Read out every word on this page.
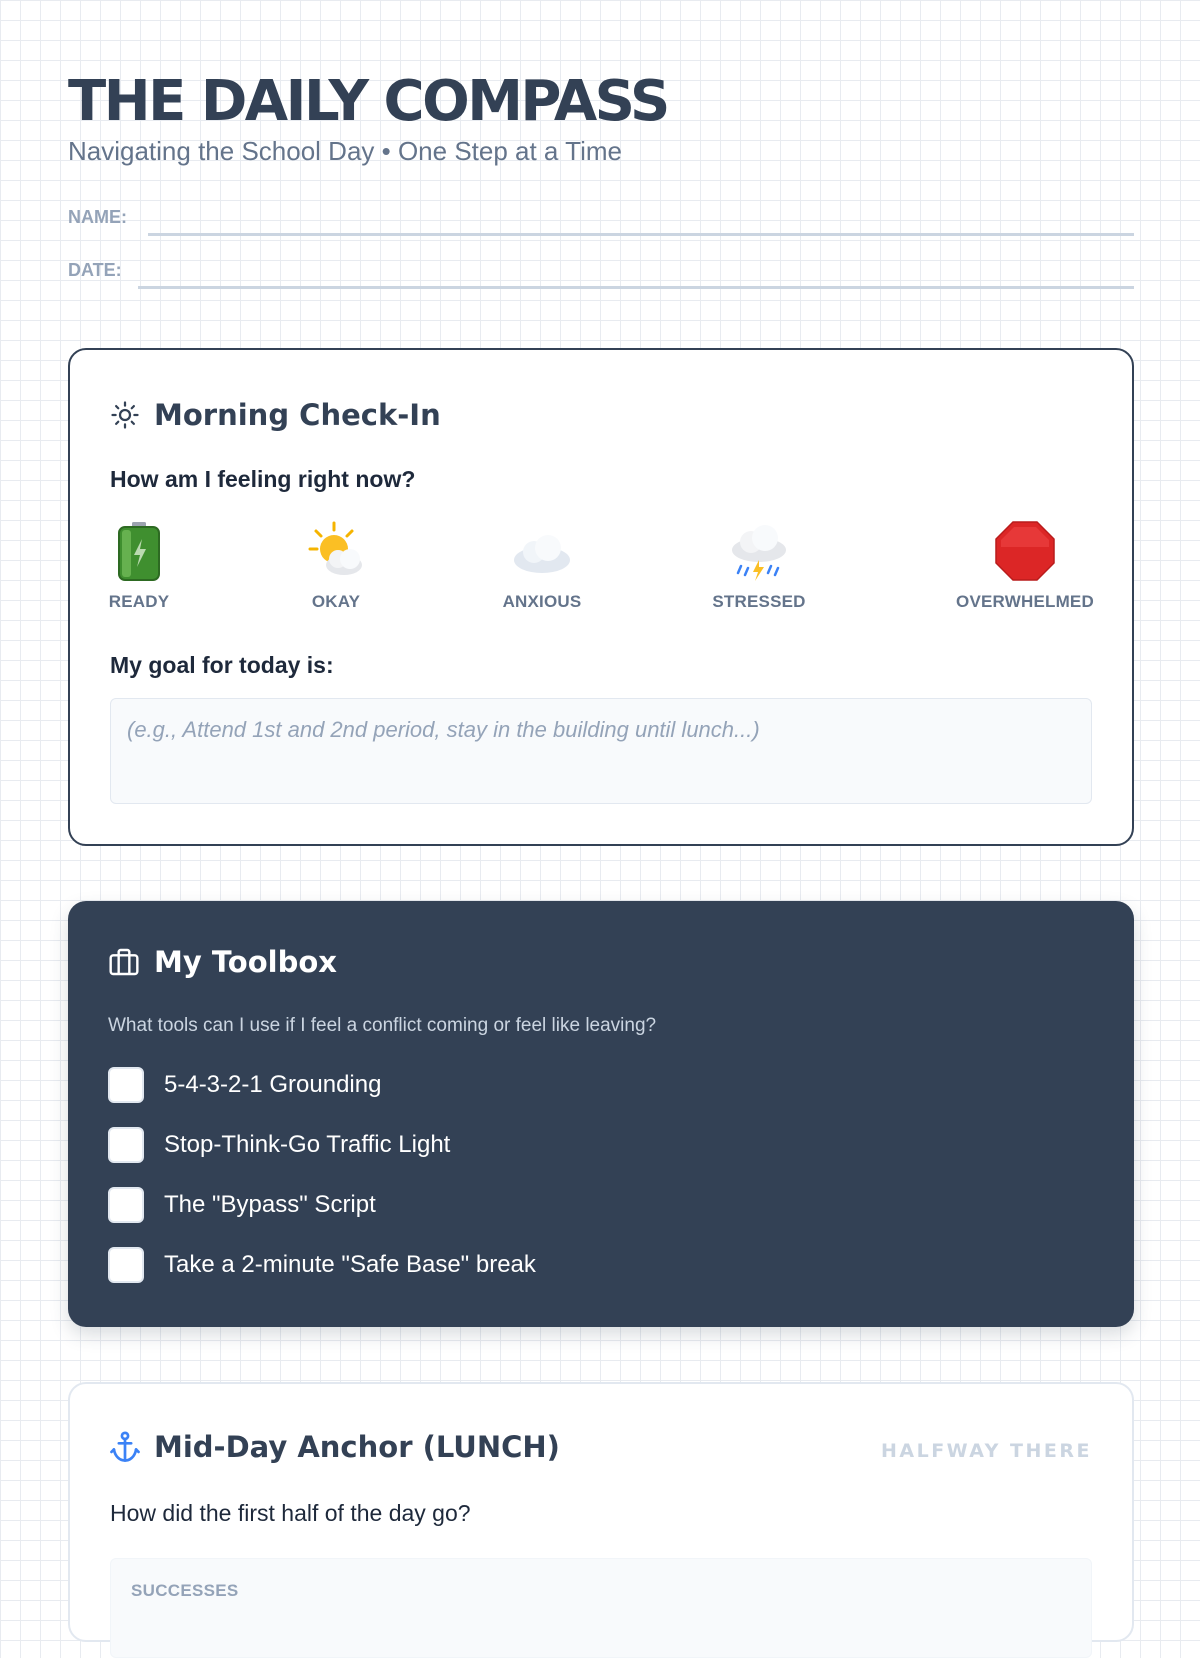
THE DAILY COMPASS
Navigating the School Day • One Step at a Time
NAME:
DATE:
Morning Check-In
How am I feeling right now?
READY	OKAY	ANXIOUS	STRESSED	OVERWHELMED
My goal for today is:
(e.g., Attend 1st and 2nd period, stay in the building until lunch...)
My Toolbox
What tools can I use if I feel a conflict coming or feel like leaving?
5-4-3-2-1 Grounding
Stop-Think-Go Traffic Light
The "Bypass" Script
Take a 2-minute "Safe Base" break
Mid-Day Anchor (LUNCH)	HALFWAY THERE
How did the first half of the day go?
SUCCESSES
